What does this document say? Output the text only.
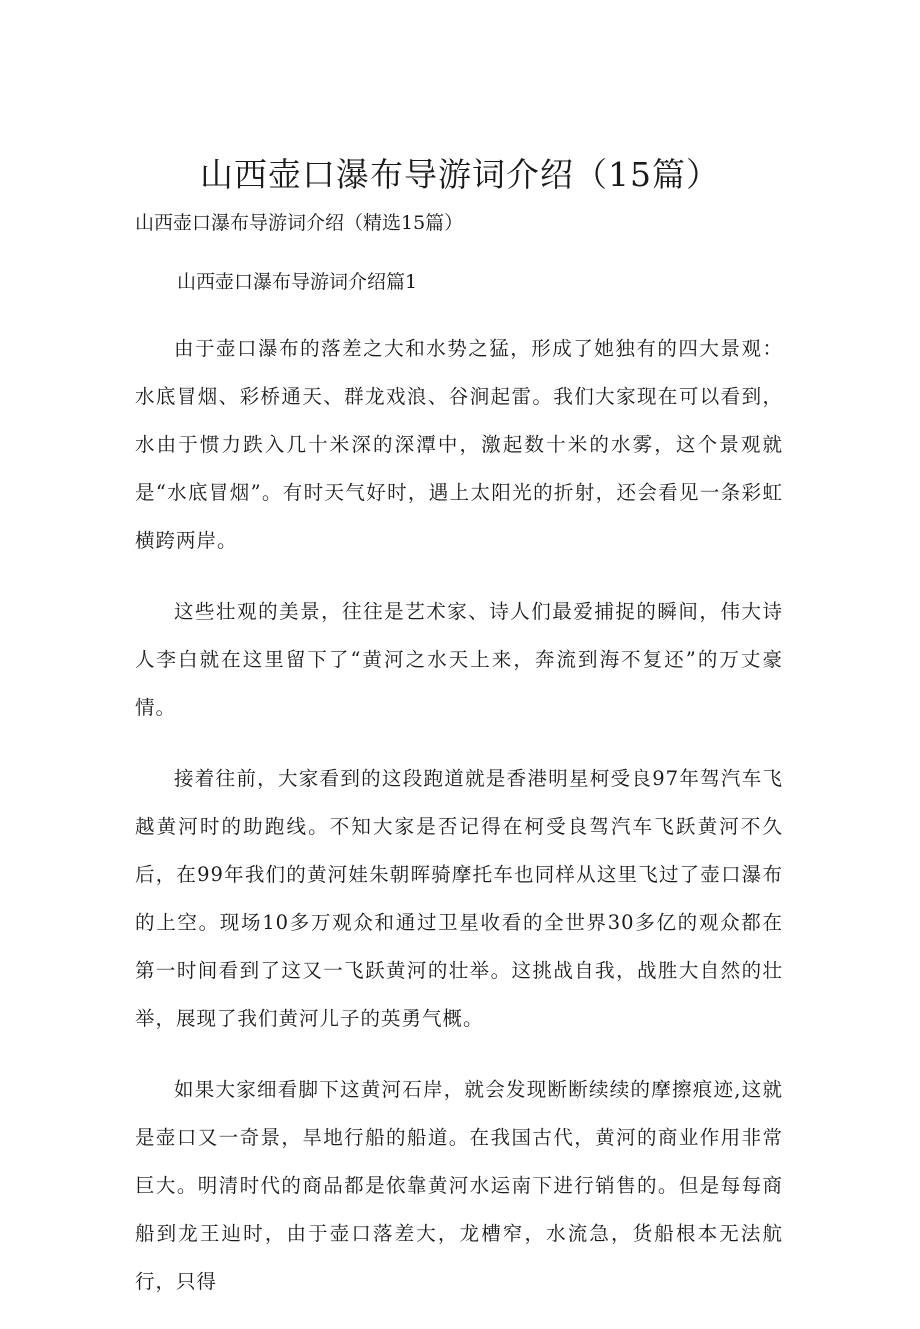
山西壶口瀑布导游词介绍（15篇）
山西壶口瀑布导游词介绍（精选15篇）
山西壶口瀑布导游词介绍篇1

由于壶口瀑布的落差之大和水势之猛，形成了她独有的四大景观：水底冒烟、彩桥通天、群龙戏浪、谷涧起雷。我们大家现在可以看到，水由于惯力跌入几十米深的深潭中，激起数十米的水雾，这个景观就是“水底冒烟”。有时天气好时，遇上太阳光的折射，还会看见一条彩虹横跨两岸。

这些壮观的美景，往往是艺术家、诗人们最爱捕捉的瞬间，伟大诗人李白就在这里留下了“黄河之水天上来，奔流到海不复还”的万丈豪情。

接着往前，大家看到的这段跑道就是香港明星柯受良97年驾汽车飞越黄河时的助跑线。不知大家是否记得在柯受良驾汽车飞跃黄河不久后，在99年我们的黄河娃朱朝晖骑摩托车也同样从这里飞过了壶口瀑布的上空。现场10多万观众和通过卫星收看的全世界30多亿的观众都在第一时间看到了这又一飞跃黄河的壮举。这挑战自我，战胜大自然的壮举，展现了我们黄河儿子的英勇气概。

如果大家细看脚下这黄河石岸，就会发现断断续续的摩擦痕迹,这就是壶口又一奇景，旱地行船的船道。在我国古代，黄河的商业作用非常巨大。明清时代的商品都是依靠黄河水运南下进行销售的。但是每每商船到龙王辿时，由于壶口落差大，龙槽窄，水流急，货船根本无法航行，只得
